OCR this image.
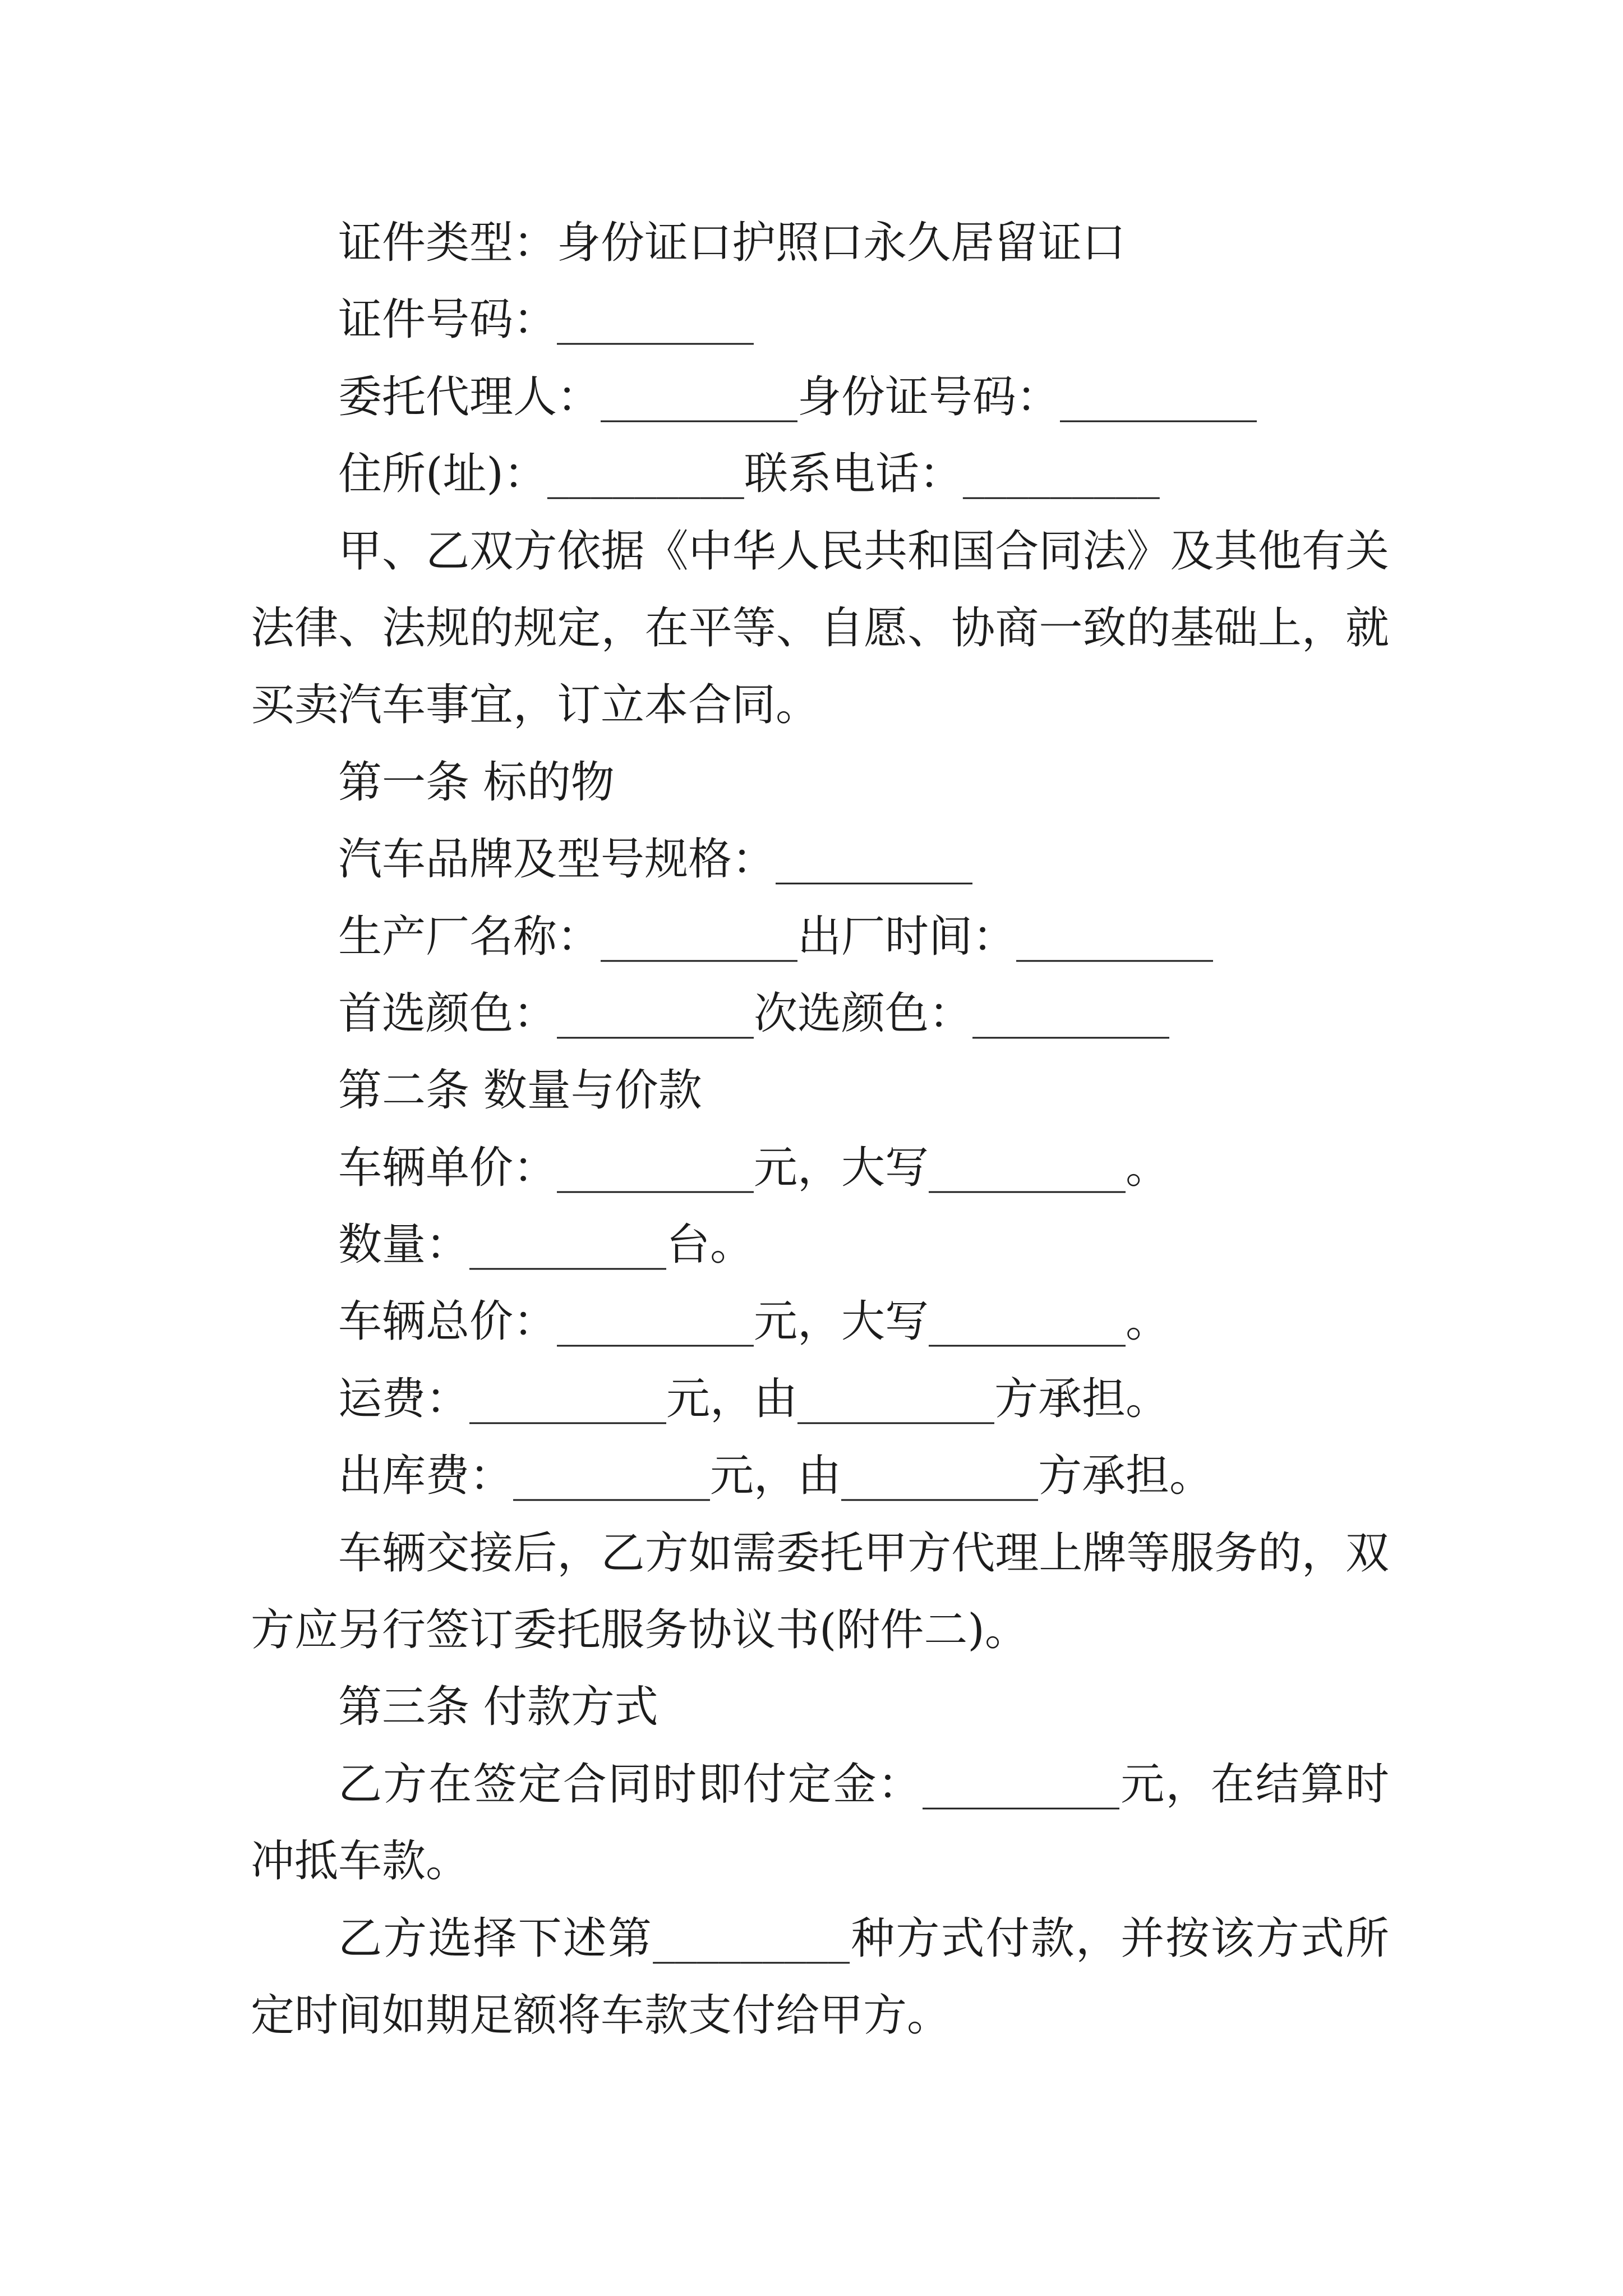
证件类型：身份证口护照口永久居留证口
证件号码：_________
委托代理人：_________身份证号码：_________
住所(址)：_________联系电话：_________
甲、乙双方依据《中华人民共和国合同法》及其他有关
法律、法规的规定，在平等、自愿、协商一致的基础上，就
买卖汽车事宜，订立本合同。
第一条 标的物
汽车品牌及型号规格：_________
生产厂名称：_________出厂时间：_________
首选颜色：_________次选颜色：_________
第二条 数量与价款
车辆单价：_________元，大写_________。
数量：_________台。
车辆总价：_________元，大写_________。
运费：_________元，由_________方承担。
出库费：_________元，由_________方承担。
车辆交接后，乙方如需委托甲方代理上牌等服务的，双
方应另行签订委托服务协议书(附件二)。
第三条 付款方式
乙方在签定合同时即付定金：_________元，在结算时
冲抵车款。
乙方选择下述第_________种方式付款，并按该方式所
定时间如期足额将车款支付给甲方。
